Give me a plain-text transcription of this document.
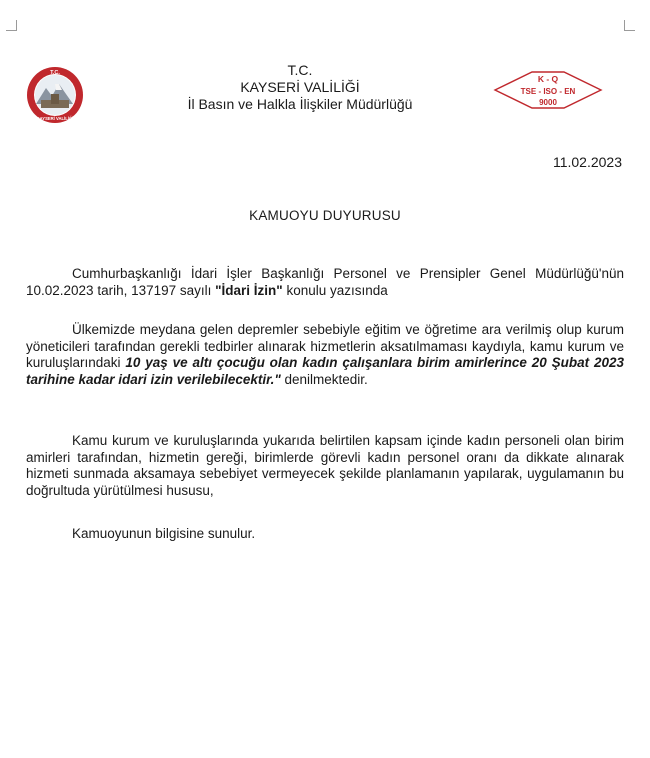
T.C.
KAYSERİ VALİLİĞİ
K - Q
TSE - ISO - EN
9000
T.C.
KAYSERİ VALİLİĞİ
İl Basın ve Halkla İlişkiler Müdürlüğü
11.02.2023
KAMUOYU DUYURUSU
Cumhurbaşkanlığı İdari İşler Başkanlığı Personel ve Prensipler Genel Müdürlüğü'nün 10.02.2023 tarih, 137197 sayılı "İdari İzin" konulu yazısında
Ülkemizde meydana gelen depremler sebebiyle eğitim ve öğretime ara verilmiş olup kurum yöneticileri tarafından gerekli tedbirler alınarak hizmetlerin aksatılmaması kaydıyla, kamu kurum ve kuruluşlarındaki 10 yaş ve altı çocuğu olan kadın çalışanlara birim amirlerince 20 Şubat 2023 tarihine kadar idari izin verilebilecektir." denilmektedir.
Kamu kurum ve kuruluşlarında yukarıda belirtilen kapsam içinde kadın personeli olan birim amirleri tarafından, hizmetin gereği, birimlerde görevli kadın personel oranı da dikkate alınarak hizmeti sunmada aksamaya sebebiyet vermeyecek şekilde planlamanın yapılarak, uygulamanın bu doğrultuda yürütülmesi hususu,
Kamuoyunun bilgisine sunulur.
